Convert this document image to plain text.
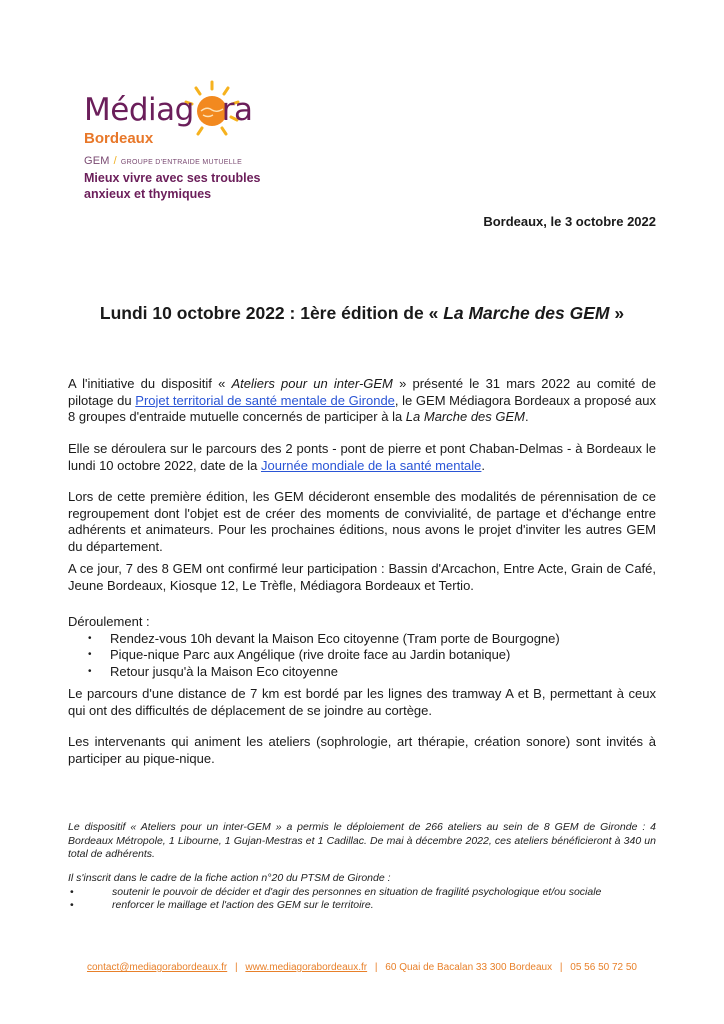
Médiag ra
Bordeaux
GEM / GROUPE D'ENTRAIDE MUTUELLE
Mieux vivre avec ses troubles
anxieux et thymiques
Bordeaux, le 3 octobre 2022
Lundi 10 octobre 2022 : 1ère édition de « La Marche des GEM »
A l'initiative du dispositif « Ateliers pour un inter-GEM » présenté le 31 mars 2022 au comité de pilotage du Projet territorial de santé mentale de Gironde, le GEM Médiagora Bordeaux a proposé aux 8 groupes d'entraide mutuelle concernés de participer à la La Marche des GEM.
Elle se déroulera sur le parcours des 2 ponts - pont de pierre et pont Chaban-Delmas - à Bordeaux le lundi 10 octobre 2022, date de la Journée mondiale de la santé mentale.
Lors de cette première édition, les GEM décideront ensemble des modalités de pérennisation de ce regroupement dont l'objet est de créer des moments de convivialité, de partage et d'échange entre adhérents et animateurs. Pour les prochaines éditions, nous avons le projet d'inviter les autres GEM du département.
A ce jour, 7 des 8 GEM ont confirmé leur participation : Bassin d'Arcachon, Entre Acte, Grain de Café, Jeune Bordeaux, Kiosque 12, Le Trèfle, Médiagora Bordeaux et Tertio.
Déroulement :
• Rendez-vous 10h devant la Maison Eco citoyenne (Tram porte de Bourgogne)
• Pique-nique Parc aux Angélique (rive droite face au Jardin botanique)
• Retour jusqu'à la Maison Eco citoyenne
Le parcours d'une distance de 7 km est bordé par les lignes des tramway A et B, permettant à ceux qui ont des difficultés de déplacement de se joindre au cortège.
Les intervenants qui animent les ateliers (sophrologie, art thérapie, création sonore) sont invités à participer au pique-nique.
Le dispositif « Ateliers pour un inter-GEM » a permis le déploiement de 266 ateliers au sein de 8 GEM de Gironde : 4 Bordeaux Métropole, 1 Libourne, 1 Gujan-Mestras et 1 Cadillac. De mai à décembre 2022, ces ateliers bénéficieront à 340 un total de adhérents.
Il s'inscrit dans le cadre de la fiche action n°20 du PTSM de Gironde :
• soutenir le pouvoir de décider et d'agir des personnes en situation de fragilité psychologique et/ou sociale
• renforcer le maillage et l'action des GEM sur le territoire.
contact@mediagorabordeaux.fr | www.mediagorabordeaux.fr | 60 Quai de Bacalan 33 300 Bordeaux | 05 56 50 72 50
